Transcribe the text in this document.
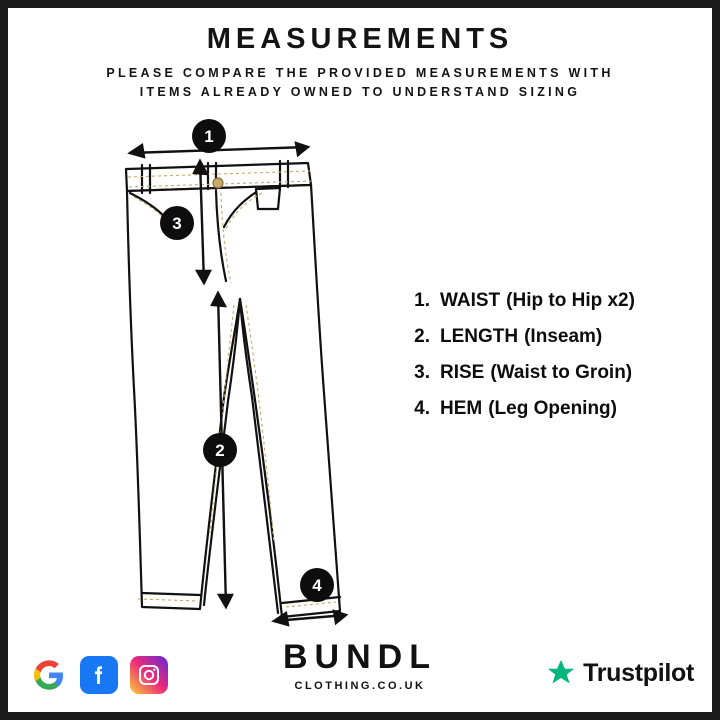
MEASUREMENTS
PLEASE COMPARE THE PROVIDED MEASUREMENTS WITH
ITEMS ALREADY OWNED TO UNDERSTAND SIZING
1
2
3
4
1. WAIST (Hip to Hip x2)
2. LENGTH (Inseam)
3. RISE (Waist to Groin)
4. HEM (Leg Opening)
BUNDL
CLOTHING.CO.UK	Trustpilot
